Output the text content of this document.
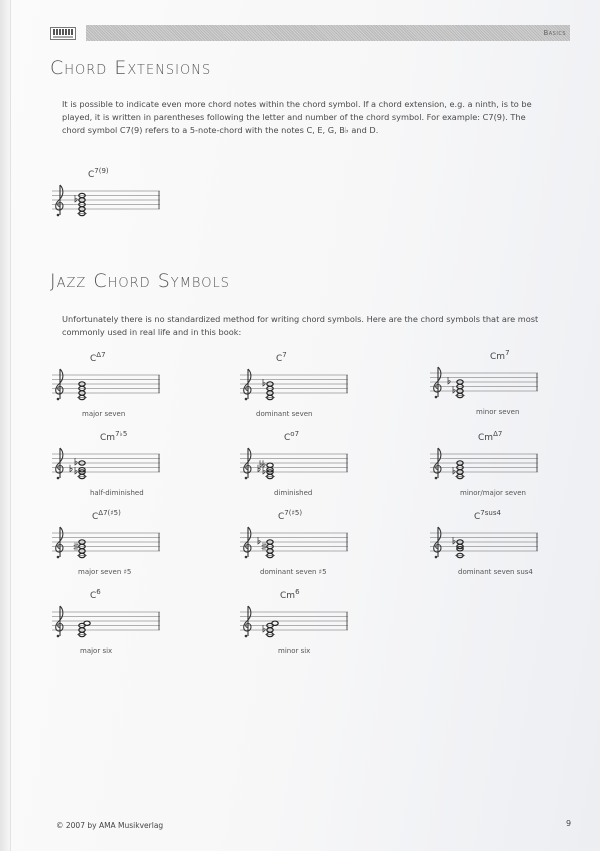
Basics
Chord Extensions
It is possible to indicate even more chord notes within the chord symbol. If a chord extension, e.g. a ninth, is to be
played, it is written in parentheses following the letter and number of the chord symbol. For example: C7(9). The
chord symbol C7(9) refers to a 5-note-chord with the notes C, E, G, B♭ and D.
$C^{7(9)}$
Jazz Chord Symbols
Unfortunately there is no standardized method for writing chord symbols. Here are the chord symbols that are most
commonly used in real life and in this book:
$C^{\Delta 7}$
major seven
$C^7$
dominant seven
Cm$^7$
minor seven
$Cm^{7♭5}$
half-diminished
$C^{o7}$
diminished
$Cm^{\Delta 7}$
minor/major seven
$C^{\Delta 7(♯5)}$
major seven ♯5
$C^{7(♯5)}$
dominant seven ♯5
$C^{7sus4}$
dominant seven sus4
$C^6$
major six
Cm$^6$
minor six
© 2007 by AMA Musikverlag	9
